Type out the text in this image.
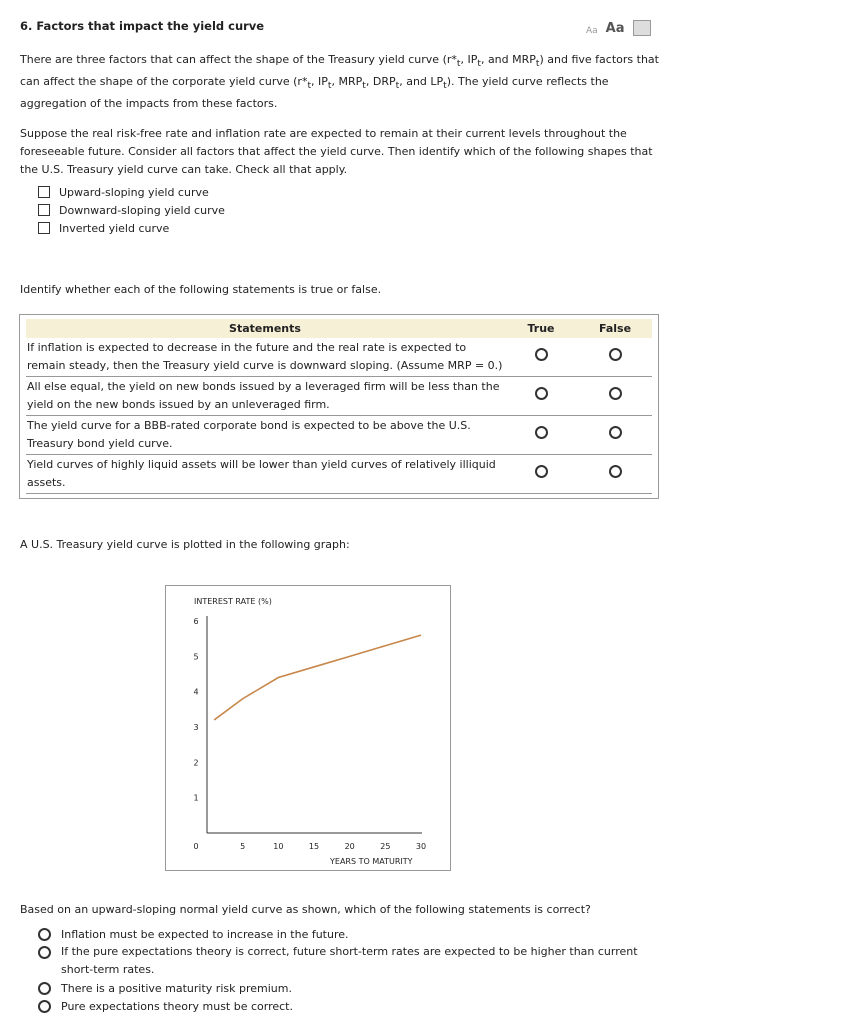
6. Factors that impact the yield curve	Aa Aa

There are three factors that can affect the shape of the Treasury yield curve ($r*_t$, $IP_t$, and $MRP_t$) and five factors that

can affect the shape of the corporate yield curve ($r*_t$, $IP_t$, $MRP_t$, $DRP_t$, and $LP_t$). The yield curve reflects the

aggregation of the impacts from these factors.

Suppose the real risk-free rate and inflation rate are expected to remain at their current levels throughout the foreseeable future. Consider all factors that affect the yield curve. Then identify which of the following shapes that the U.S. Treasury yield curve can take. Check all that apply.

Upward-sloping yield curve
Downward-sloping yield curve
Inverted yield curve

Identify whether each of the following statements is true or false.

Statements	True	False
If inflation is expected to decrease in the future and the real rate is expected to remain steady, then the Treasury yield curve is downward sloping. (Assume MRP = 0.)		
All else equal, the yield on new bonds issued by a leveraged firm will be less than the yield on the new bonds issued by an unleveraged firm.		
The yield curve for a BBB-rated corporate bond is expected to be above the U.S. Treasury bond yield curve.		
Yield curves of highly liquid assets will be lower than yield curves of relatively illiquid assets.		

A U.S. Treasury yield curve is plotted in the following graph:

INTEREST RATE (%)
YEARS TO MATURITY
0	5	10	15	20	25	30
1
2
3
4
5
6

Based on an upward-sloping normal yield curve as shown, which of the following statements is correct?

Inflation must be expected to increase in the future.

If the pure expectations theory is correct, future short-term rates are expected to be higher than current short-term rates.

There is a positive maturity risk premium.
Pure expectations theory must be correct.
